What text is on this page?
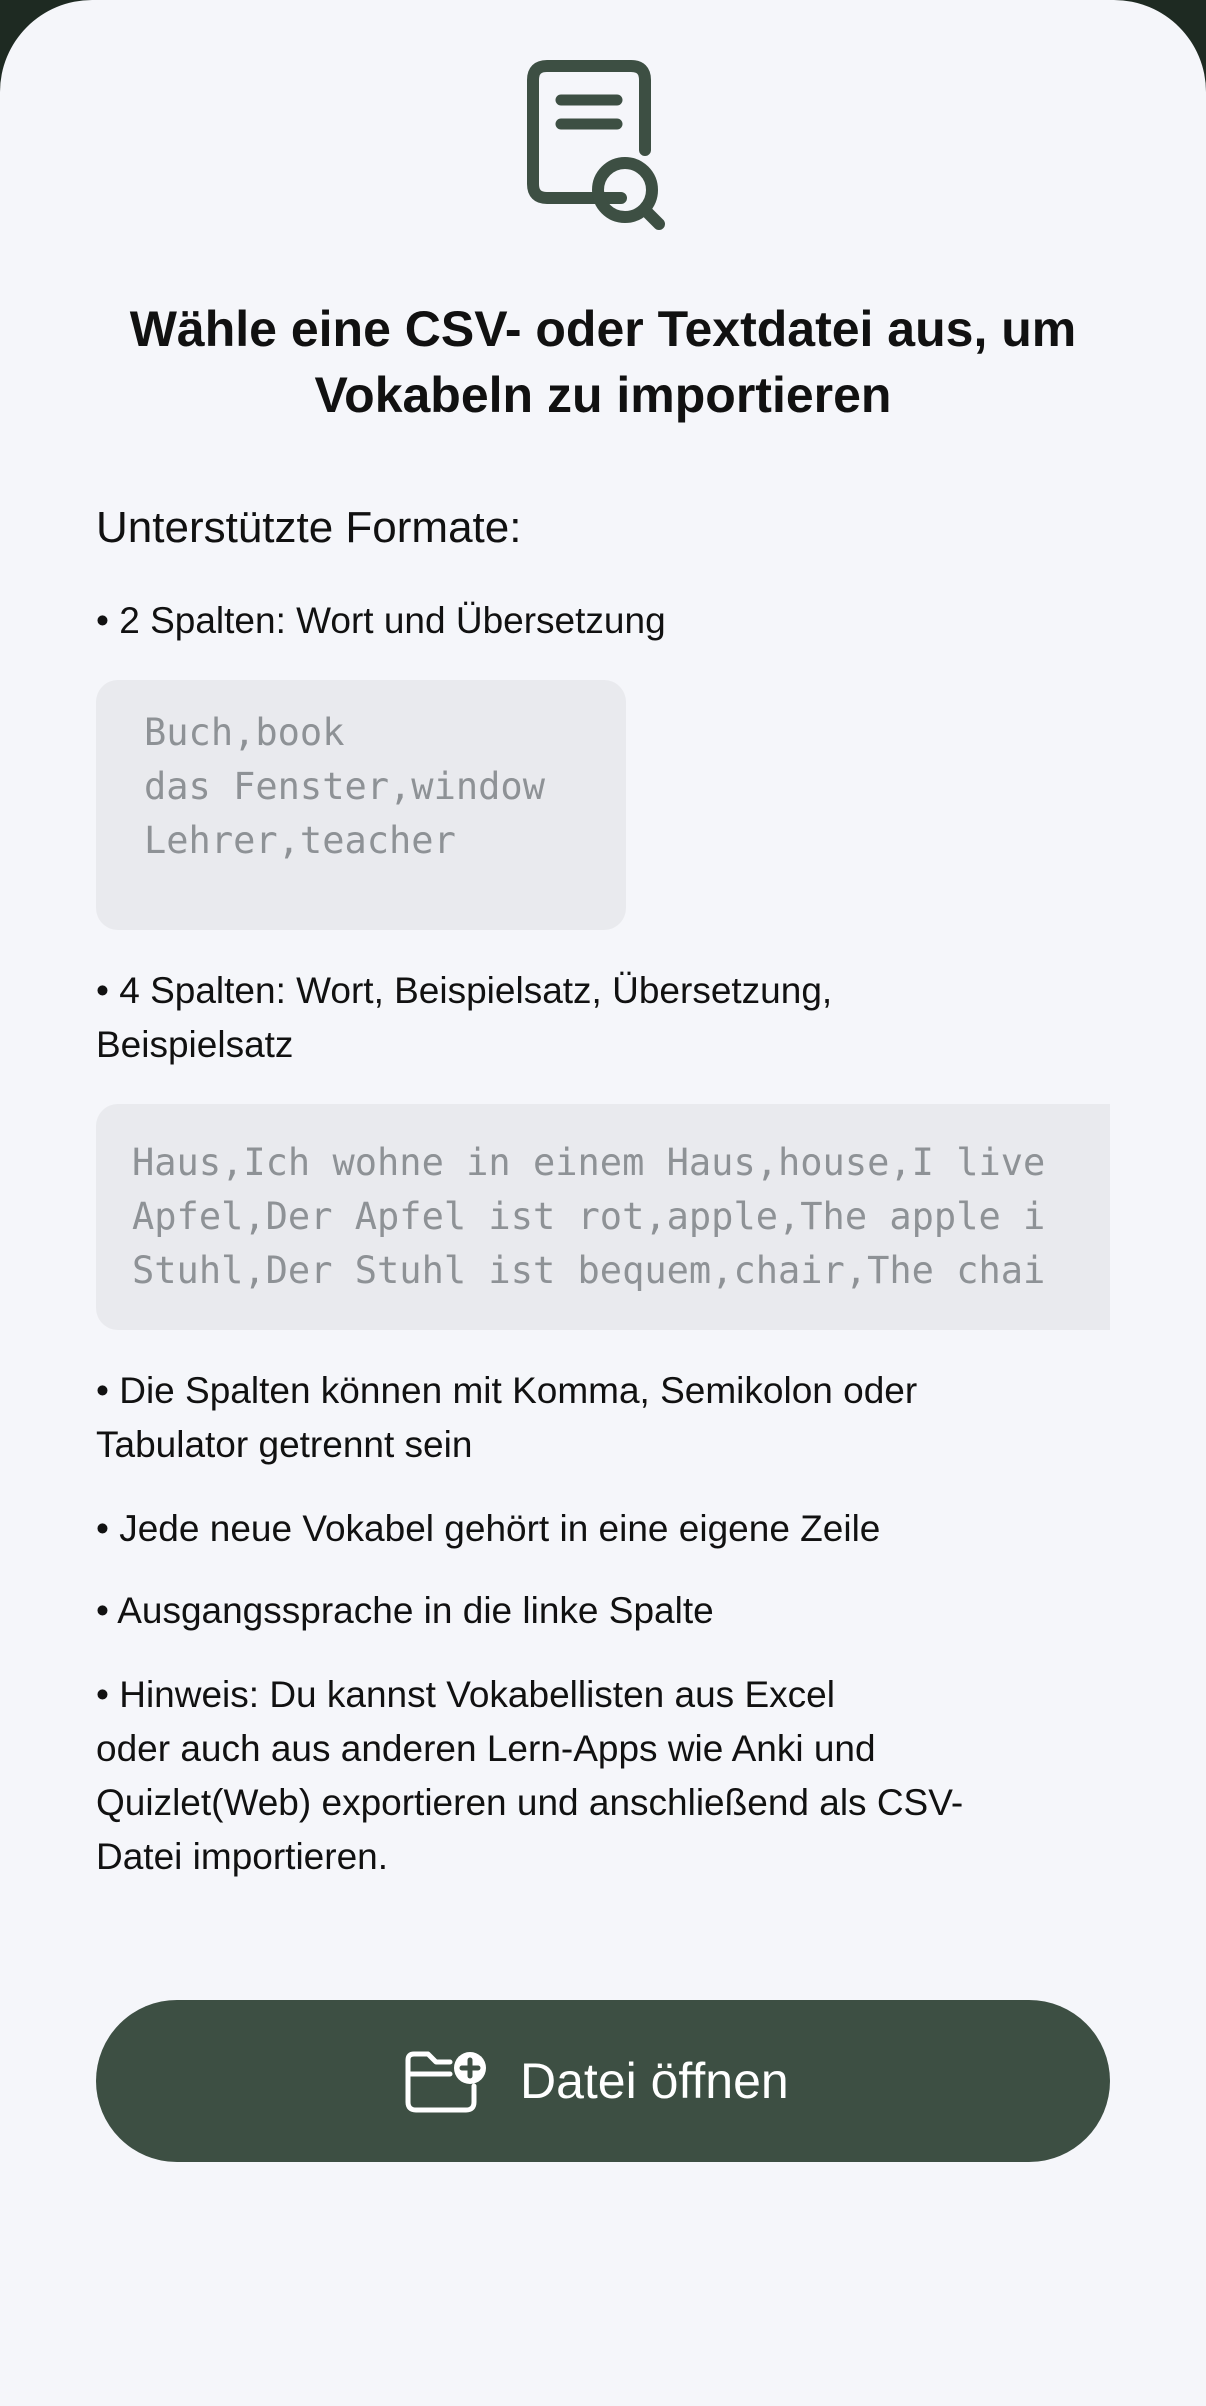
Wähle eine CSV- oder Textdatei aus, um Vokabeln zu importieren
Unterstützte Formate:
• 2 Spalten: Wort und Übersetzung
Buch,book
das Fenster,window
Lehrer,teacher
• 4 Spalten: Wort, Beispielsatz, Übersetzung,
Beispielsatz
Haus,Ich wohne in einem Haus,house,I live
Apfel,Der Apfel ist rot,apple,The apple i
Stuhl,Der Stuhl ist bequem,chair,The chai
• Die Spalten können mit Komma, Semikolon oder
Tabulator getrennt sein
• Jede neue Vokabel gehört in eine eigene Zeile
• Ausgangssprache in die linke Spalte
• Hinweis: Du kannst Vokabellisten aus Excel
oder auch aus anderen Lern-Apps wie Anki und
Quizlet(Web) exportieren und anschließend als CSV-
Datei importieren.
Datei öffnen
